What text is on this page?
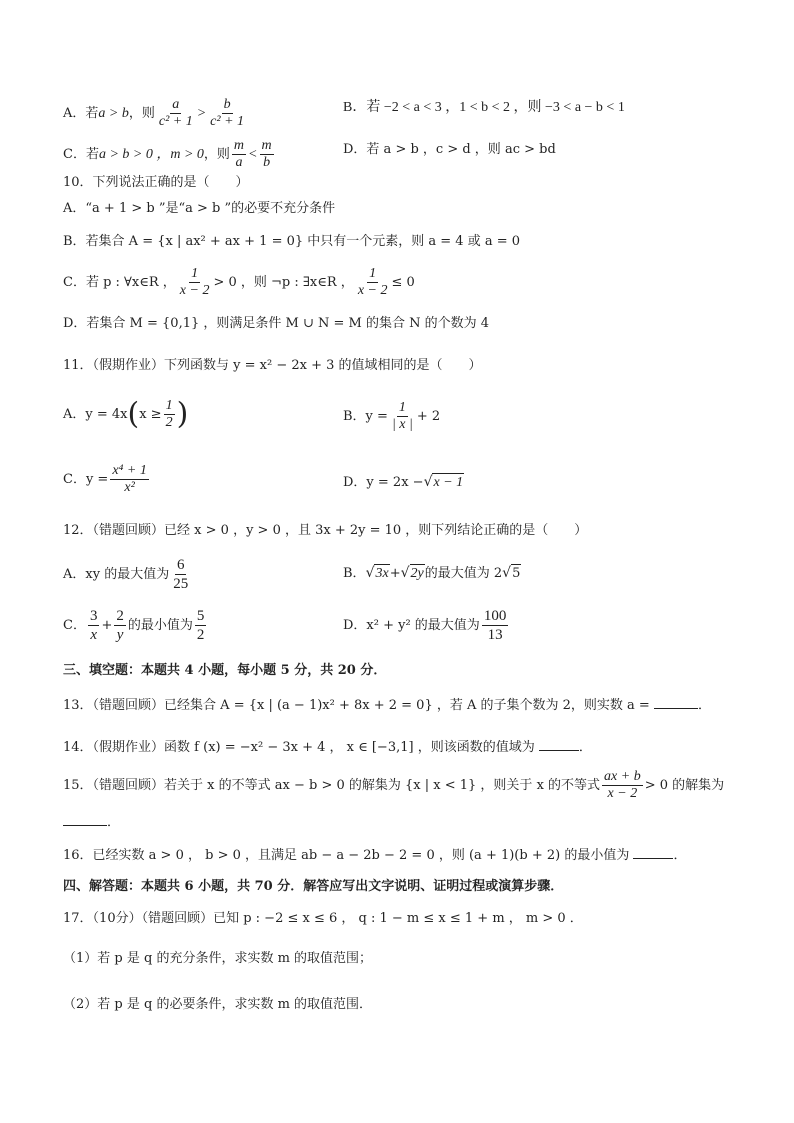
A．若a > b，则 $\frac{a}{\text{c² + 1}} > \frac{b}{\text{c² + 1}}$	B．若 −2 < a < 3 ，1 < b < 2 ，则 −3 < a − b < 1
C．若a > b > 0 ，m > 0，则 $\frac{m}{a} < \frac{m}{b}$	D．若 a > b ，c > d ，则 ac > bd
10．下列说法正确的是（　　）
A．“a + 1 > b ”是“a > b ”的必要不充分条件
B．若集合 A = {x | ax² + ax + 1 = 0} 中只有一个元素，则 a = 4 或 a = 0
C．若 p : ∀x∈R ， $\frac{1}{x - 2} > 0$ ，则 ¬p : ∃x∈R ， $\frac{1}{x - 2} \le 0$
D．若集合 M = {0,1} ，则满足条件 M ∪ N = M 的集合 N 的个数为 4
11．（假期作业）下列函数与 y = x² − 2x + 3 的值域相同的是（　　）
A．$y = 4x(x \ge \frac{1}{2}$ )	B．$y = \frac{1}{| x |} + 2$
C．$y = \frac{\text{x⁴ + 1}}{\text{x²}}$	D．y = 2x −√x − 1
12．（错题回顾）已经 x > 0 ，y > 0 ，且 3x + 2y = 10 ，则下列结论正确的是（　　）
A．xy 的最大值为 $\frac{6}{25}$	B．√3x+√2y的最大值为 2√5
C． $\frac{3}{x} + \frac{2}{y}$ 的最小值为 $\frac{5}{2}$	D．x² + y² 的最大值为 $\frac{100}{13}$
三、填空题：本题共 4 小题，每小题 5 分，共 20 分．
13．（错题回顾）已经集合 A = {x | (a − 1)x² + 8x + 2 = 0} ，若 A 的子集个数为 2，则实数 a =	．
14．（假期作业）函数 f (x) = −x² − 3x + 4 ， x ∈ [−3,1] ，则该函数的值域为	．
15．（错题回顾）若关于 x 的不等式 ax − b > 0 的解集为 {x | x < 1} ，则关于 x 的不等式 $\frac{ax + b}{x - 2} > 0$ 的解集为
．
16．已经实数 a > 0 ， b > 0 ，且满足 ab − a − 2b − 2 = 0 ，则 (a + 1)(b + 2) 的最小值为	．
四、解答题：本题共 6 小题，共 70 分．解答应写出文字说明、证明过程或演算步骤．
17．（10分）（错题回顾）已知 p : −2 ≤ x ≤ 6 ， q : 1 − m ≤ x ≤ 1 + m ， m > 0 ．
（1）若 p 是 q 的充分条件，求实数 m 的取值范围；
（2）若 p 是 q 的必要条件，求实数 m 的取值范围．
